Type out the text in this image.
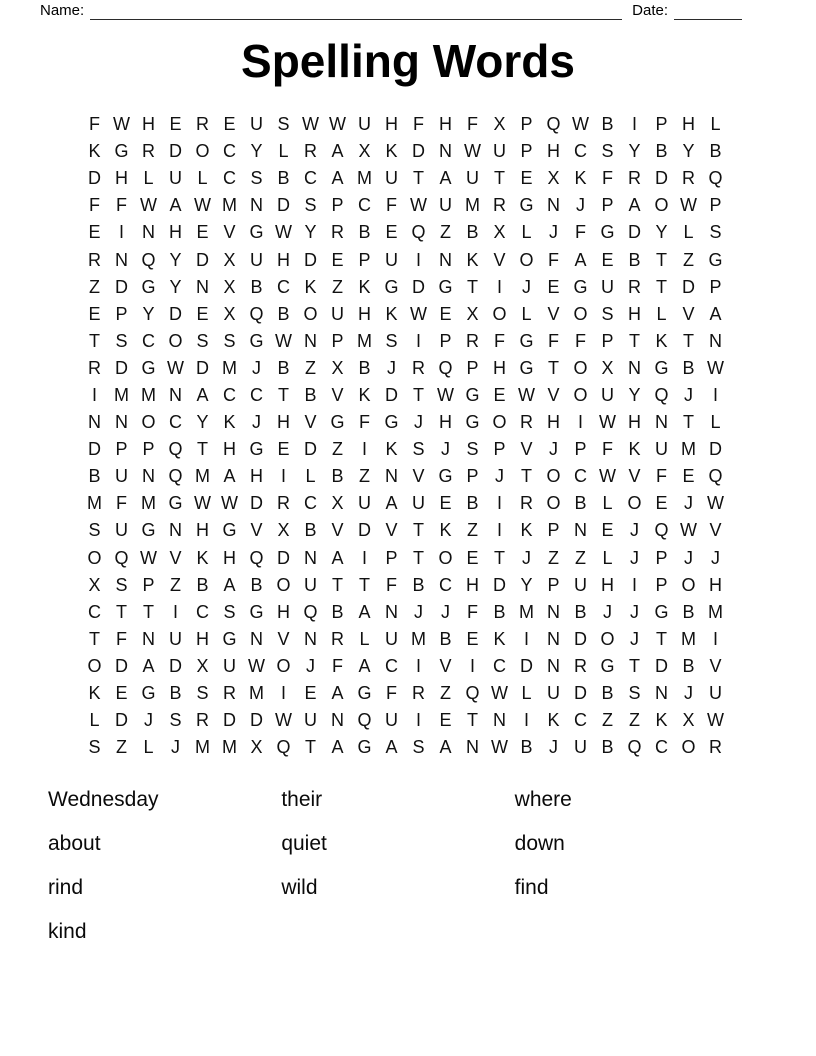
Name:	Date:
Spelling Words
F W H E R E U S W W U H F H F X P Q W B	I	P H L
K G R D O C Y L R A X K D N W U P H C S Y B Y B
D H L U L C S B C A M U T A U T E X K F R D R Q
F F W A W M N D S P C F W U M R G N J P A O W P
E	I	N H E V G W Y R B E Q Z B X L J F G D Y L S
R N Q Y D X U H D E P U I	N K V O F A E B T Z G
Z D G Y N X B C K Z K G D G T	I	J E G U R T D P
E P Y D E X Q B O U H K W E X O L V O S H L V A
T S C O S S G W N P M S	I	P R F G F F P T K T N
R D G W D M J B Z X B J R Q P H G T O X N G B W
I M M N A C C T B V K D T W G E W V O U Y Q J	I
N N O C Y K J H V G F G J H G O R H I W H N T L
D P P Q T H G E D Z	I	K S J S P V J P F K U M D
B U N Q M A H I	L B Z N V G P J T O C W V F E Q
M F M G W W D R C X U A U E B	I	R O B L O E J W
S U G N H G V X B V D V T K Z	I	K P N E J Q W V
O Q W V K H Q D N A	I	P T O E T J Z Z L J P J	J
X S P Z B A B O U T T F B C H D Y P U H I	P O H
C T T	I	C S G H Q B A N J	J F B M N B J	J G B M
T F N U H G N V N R L U M B E K	I	N D O J T M I
O D A D X U W O J F A C I	V	I	C D N R G T D B V
K E G B S R M I	E A G F R Z Q W L U D B S N J U
L D J S R D D W U N Q U I	E T N I	K C Z Z K X W
S Z L J M M X Q T A G A S A N W B J U B Q C O R
Wednesday
about
rind
kind
their
quiet
wild
where
down
find
